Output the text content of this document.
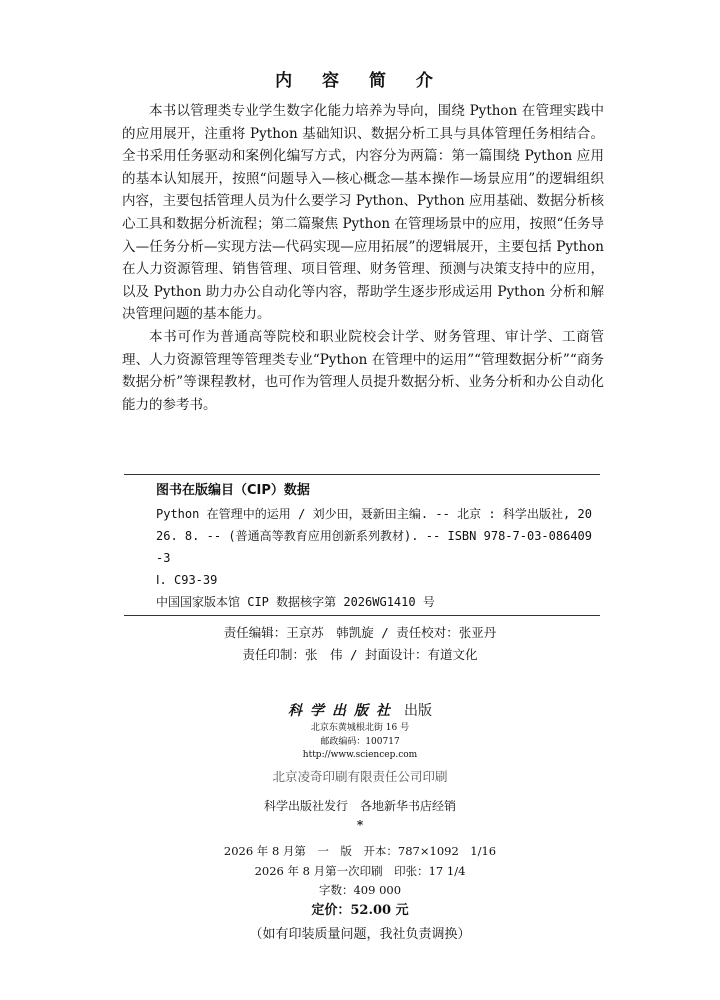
内 容 简 介

本书以管理类专业学生数字化能力培养为导向，围绕 Python 在管理实践中的应用展开，注重将 Python 基础知识、数据分析工具与具体管理任务相结合。全书采用任务驱动和案例化编写方式，内容分为两篇：第一篇围绕 Python 应用的基本认知展开，按照“问题导入—核心概念—基本操作—场景应用”的逻辑组织内容，主要包括管理人员为什么要学习 Python、Python 应用基础、数据分析核心工具和数据分析流程；第二篇聚焦 Python 在管理场景中的应用，按照“任务导入—任务分析—实现方法—代码实现—应用拓展”的逻辑展开，主要包括 Python 在人力资源管理、销售管理、项目管理、财务管理、预测与决策支持中的应用，以及 Python 助力办公自动化等内容，帮助学生逐步形成运用 Python 分析和解决管理问题的基本能力。

本书可作为普通高等院校和职业院校会计学、财务管理、审计学、工商管理、人力资源管理等管理类专业“Python 在管理中的运用”“管理数据分析”“商务数据分析”等课程教材，也可作为管理人员提升数据分析、业务分析和办公自动化能力的参考书。

图书在版编目（CIP）数据
Python 在管理中的运用 / 刘少田，聂新田主编. -- 北京 : 科学出版社, 2026. 8. -- (普通高等教育应用创新系列教材). -- ISBN 978-7-03-086409-3
Ⅰ. C93-39
中国国家版本馆 CIP 数据核字第 2026WG1410 号
责任编辑：王京苏　韩凯旋 / 责任校对：张亚丹
责任印制：张　伟 / 封面设计：有道文化
科学出版社 出版
北京东黄城根北街 16 号
邮政编码：100717
http://www.sciencep.com
北京凌奇印刷有限责任公司印刷
科学出版社发行　各地新华书店经销
*
2026 年 8 月第　一　版　开本：787×1092　1/16
2026 年 8 月第一次印刷　印张：17 1/4
字数：409 000
定价：52.00 元
（如有印装质量问题，我社负责调换）
